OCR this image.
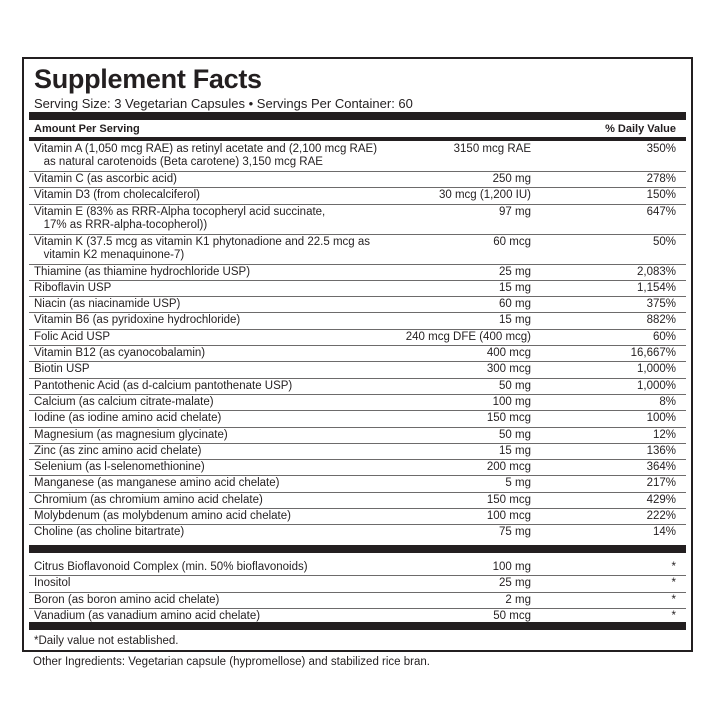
Supplement Facts
Serving Size: 3 Vegetarian Capsules • Servings Per Container: 60
Amount Per Serving	% Daily Value
Vitamin A (1,050 mcg RAE) as retinyl acetate and (2,100 mcg RAE)
as natural carotenoids (Beta carotene) 3,150 mcg RAE
3150 mcg RAE	350%
Vitamin C (as ascorbic acid)	250 mg	278%
Vitamin D3 (from cholecalciferol)	30 mcg (1,200 IU)	150%
Vitamin E (83% as RRR-Alpha tocopheryl acid succinate,
17% as RRR-alpha-tocopherol))
97 mg	647%
Vitamin K (37.5 mcg as vitamin K1 phytonadione and 22.5 mcg as
vitamin K2 menaquinone-7)
60 mcg	50%
Thiamine (as thiamine hydrochloride USP)	25 mg	2,083%
Riboflavin USP	15 mg	1,154%
Niacin (as niacinamide USP)	60 mg	375%
Vitamin B6 (as pyridoxine hydrochloride)	15 mg	882%
Folic Acid USP	240 mcg DFE (400 mcg)	60%
Vitamin B12 (as cyanocobalamin)	400 mcg	16,667%
Biotin USP	300 mcg	1,000%
Pantothenic Acid (as d-calcium pantothenate USP)	50 mg	1,000%
Calcium (as calcium citrate-malate)	100 mg	8%
Iodine (as iodine amino acid chelate)	150 mcg	100%
Magnesium (as magnesium glycinate)	50 mg	12%
Zinc (as zinc amino acid chelate)	15 mg	136%
Selenium (as l-selenomethionine)	200 mcg	364%
Manganese (as manganese amino acid chelate)	5 mg	217%
Chromium (as chromium amino acid chelate)	150 mcg	429%
Molybdenum (as molybdenum amino acid chelate)	100 mcg	222%
Choline (as choline bitartrate)	75 mg	14%
Citrus Bioflavonoid Complex (min. 50% bioflavonoids)	100 mg	*
Inositol	25 mg	*
Boron (as boron amino acid chelate)	2 mg	*
Vanadium (as vanadium amino acid chelate)	50 mcg	*
*Daily value not established.
Other Ingredients: Vegetarian capsule (hypromellose) and stabilized rice bran.
